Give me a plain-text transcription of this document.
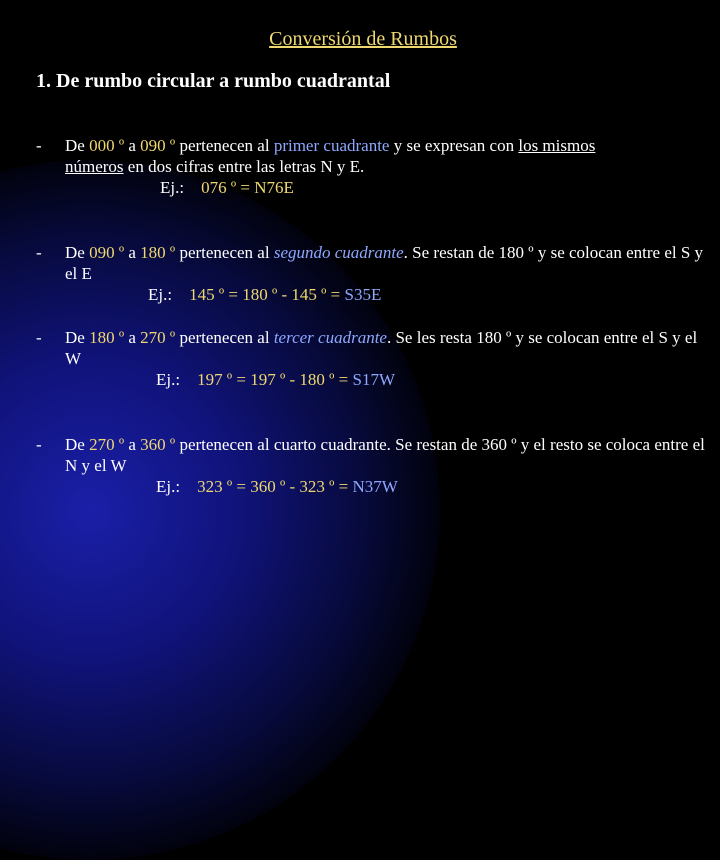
Conversión de Rumbos
1. De rumbo circular a rumbo cuadrantal
- De 000 º a 090 º pertenecen al primer cuadrante y se expresan con los mismos
números en dos cifras entre las letras N y E.
Ej.: 076 º = N76E
- De 090 º a 180 º pertenecen al segundo cuadrante. Se restan de 180 º y se colocan entre el S y el E
Ej.: 145 º = 180 º - 145 º = S35E
- De 180 º a 270 º pertenecen al tercer cuadrante. Se les resta 180 º y se colocan entre el S y el W
Ej.: 197 º = 197 º - 180 º = S17W
- De 270 º a 360 º pertenecen al cuarto cuadrante. Se restan de 360 º y el resto se coloca entre el N y el W
Ej.: 323 º = 360 º - 323 º = N37W
